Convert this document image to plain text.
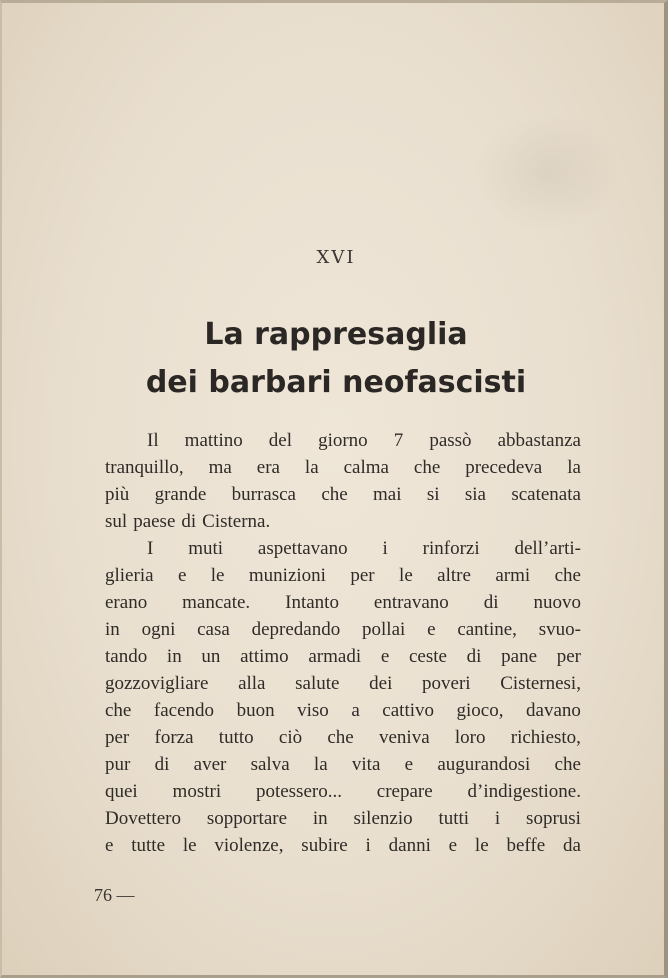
XVI
La rappresaglia
dei barbari neofascisti
Il mattino del giorno 7 passò abbastanza
tranquillo, ma era la calma che precedeva la
più grande burrasca che mai si sia scatenata
sul paese di Cisterna.
I muti aspettavano i rinforzi dell’arti-
glieria e le munizioni per le altre armi che
erano mancate. Intanto entravano di nuovo
in ogni casa depredando pollai e cantine, svuo-
tando in un attimo armadi e ceste di pane per
gozzovigliare alla salute dei poveri Cisternesi,
che facendo buon viso a cattivo gioco, davano
per forza tutto ciò che veniva loro richiesto,
pur di aver salva la vita e augurandosi che
quei mostri potessero... crepare d’indigestione.
Dovettero sopportare in silenzio tutti i soprusi
e tutte le violenze, subire i danni e le beffe da
76 —
